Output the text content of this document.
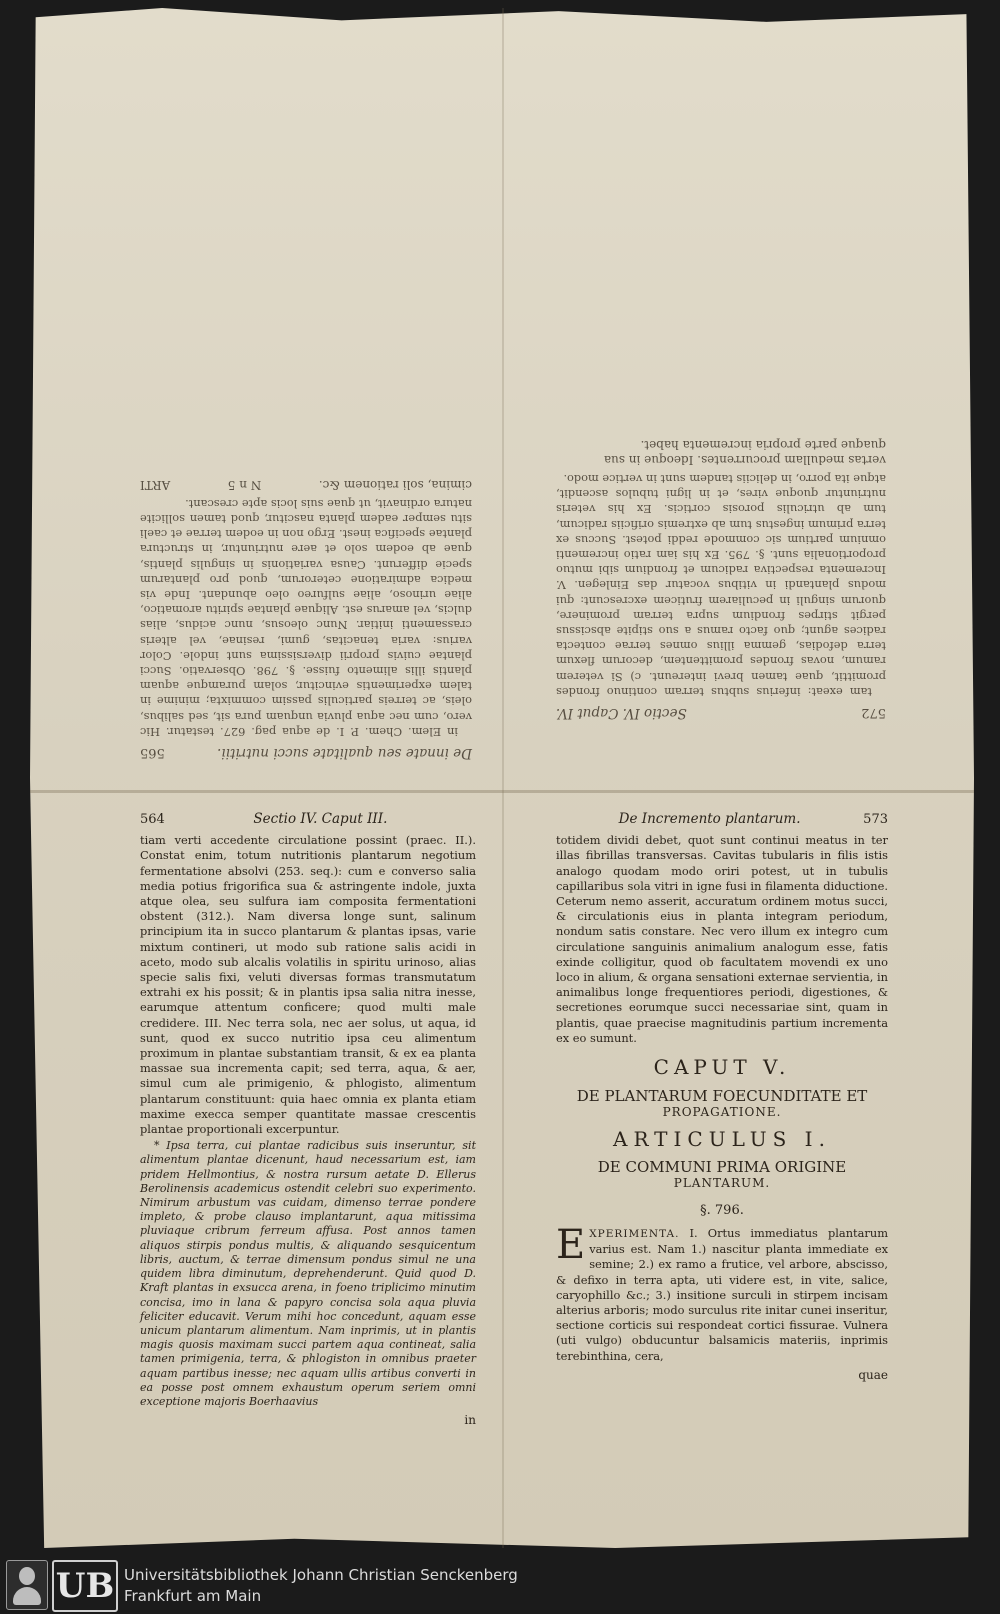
De innate seu qualitate succi nutritii.
565

in Elem. Chem. P. I. de aqua pag. 627. testatur. Hic vero, cum nec aqua pluvia unquam pura sit, sed salibus, oleis, ac terreis particulis passim commixta; minime in talem experimentis evincitur, solam puramque aquam plantis illis alimento fuisse. §. 798. Observatio. Succi plantae cuivis proprii diversissima sunt indole. Color varius: varia tenacitas, gumi, resinae, vel alteris crassamenti initiar. Nunc oleosus, nunc acidus, alias dulcis, vel amarus est. Aliquae plantae spiritu aromatico, aliae urinoso, aliae sulfureo oleo abundant. Inde vis medica admiratione ceterorum, quod pro plantarum specie differunt. Causa variationis in singulis plantis, quae ab eodem solo et aere nutriuntur, in structura plantae specifica inest. Ergo non in eodem terrae et caeli situ semper eadem planta nascitur, quod tamen sollicite natura ordinavit, ut quae suis locis apte crescant.

cimina, soli rationem &c.
N n 5
ARTI
572
Sectio IV. Caput IV.

tam exeat: inferius subtus terram continuo frondes promittit, quae tamen brevi intereunt. c) Si veterem ramum, novas frondes promittentem, decorum flexum terra defodias, gemma illius omnes terrae contecta radices agunt; quo facto ramus a suo stipite abscissus pergit stirpes frondium supra terram prominere, quorum singuli in peculiarem fruticem excrescunt: qui modus plantandi in vitibus vocatur das Einlegen. V. Incrementa respectiva radicum et frondium sibi mutuo proportionalia sunt. §. 795. Ex his iam ratio incrementi omnium partium sic commode reddi potest. Succus ex terra primum ingestus tum ab extremis orificiis radicum, tum ab utriculis porosis corticis. Ex his veteris nutriuntur quoque vires, et in ligni tubulos ascendit, atque ita porro, in deliciis tandem sunt in vertice modo.

vertas medullam procurrentes. Ideoque in sua quaque parte propria incrementa habet.
564	Sectio IV. Caput III.

tiam verti accedente circulatione possint (praec. II.). Constat enim, totum nutritionis plantarum negotium fermentatione absolvi (253. seq.): cum e converso salia media potius frigorifica sua & astringente indole, juxta atque olea, seu sulfura iam composita fermentationi obstent (312.). Nam diversa longe sunt, salinum principium ita in succo plantarum & plantas ipsas, varie mixtum contineri, ut modo sub ratione salis acidi in aceto, modo sub alcalis volatilis in spiritu urinoso, alias specie salis fixi, veluti diversas formas transmutatum extrahi ex his possit; & in plantis ipsa salia nitra inesse, earumque attentum conficere; quod multi male credidere. III. Nec terra sola, nec aer solus, ut aqua, id sunt, quod ex succo nutritio ipsa ceu alimentum proximum in plantae substantiam transit, & ex ea planta massae sua incrementa capit; sed terra, aqua, & aer, simul cum ale primigenio, & phlogisto, alimentum plantarum constituunt: quia haec omnia ex planta etiam maxime execca semper quantitate massae crescentis plantae proportionali excerpuntur.

* Ipsa terra, cui plantae radicibus suis inseruntur, sit alimentum plantae dicenunt, haud necessarium est, iam pridem Hellmontius, & nostra rursum aetate D. Ellerus Berolinensis academicus ostendit celebri suo experimento. Nimirum arbustum vas cuidam, dimenso terrae pondere impleto, & probe clauso implantarunt, aqua mitissima pluviaque cribrum ferreum affusa. Post annos tamen aliquos stirpis pondus multis, & aliquando sesquicentum libris, auctum, & terrae dimensum pondus simul ne una quidem libra diminutum, deprehenderunt. Quid quod D. Kraft plantas in exsucca arena, in foeno triplicimo minutim concisa, imo in lana & papyro concisa sola aqua pluvia feliciter educavit. Verum mihi hoc concedunt, aquam esse unicum plantarum alimentum. Nam inprimis, ut in plantis magis quosis maximam succi partem aqua contineat, salia tamen primigenia, terra, & phlogiston in omnibus praeter aquam partibus inesse; nec aquam ullis artibus converti in ea posse post omnem exhaustum operum seriem omni exceptione majoris Boerhaavius

in
De Incremento plantarum.	573

totidem dividi debet, quot sunt continui meatus in ter illas fibrillas transversas. Cavitas tubularis in filis istis analogo quodam modo oriri potest, ut in tubulis capillaribus sola vitri in igne fusi in filamenta diductione. Ceterum nemo asserit, accuratum ordinem motus succi, & circulationis eius in planta integram periodum, nondum satis constare. Nec vero illum ex integro cum circulatione sanguinis animalium analogum esse, fatis exinde colligitur, quod ob facultatem movendi ex uno loco in alium, & organa sensationi externae servientia, in animalibus longe frequentiores periodi, digestiones, & secretiones eorumque succi necessariae sint, quam in plantis, quae praecise magnitudinis partium incrementa ex eo sumunt.

CAPUT V.

DE PLANTARUM FOECUNDITATE ET

PROPAGATIONE.

ARTICULUS I.

DE COMMUNI PRIMA ORIGINE

PLANTARUM.

§. 796.
E XPERIMENTA. I. Ortus immediatus plantarum varius est. Nam 1.) nascitur planta immediate ex semine; 2.) ex ramo a frutice, vel arbore, abscisso, & defixo in terra apta, uti videre est, in vite, salice, caryophillo &c.; 3.) insitione surculi in stirpem incisam alterius arboris; modo surculus rite initar cunei inseritur, sectione corticis sui respondeat cortici fissurae. Vulnera (uti vulgo) obducuntur balsamicis materiis, inprimis terebinthina, cera,
quae
UB Universitätsbibliothek Johann Christian Senckenberg
Frankfurt am Main
